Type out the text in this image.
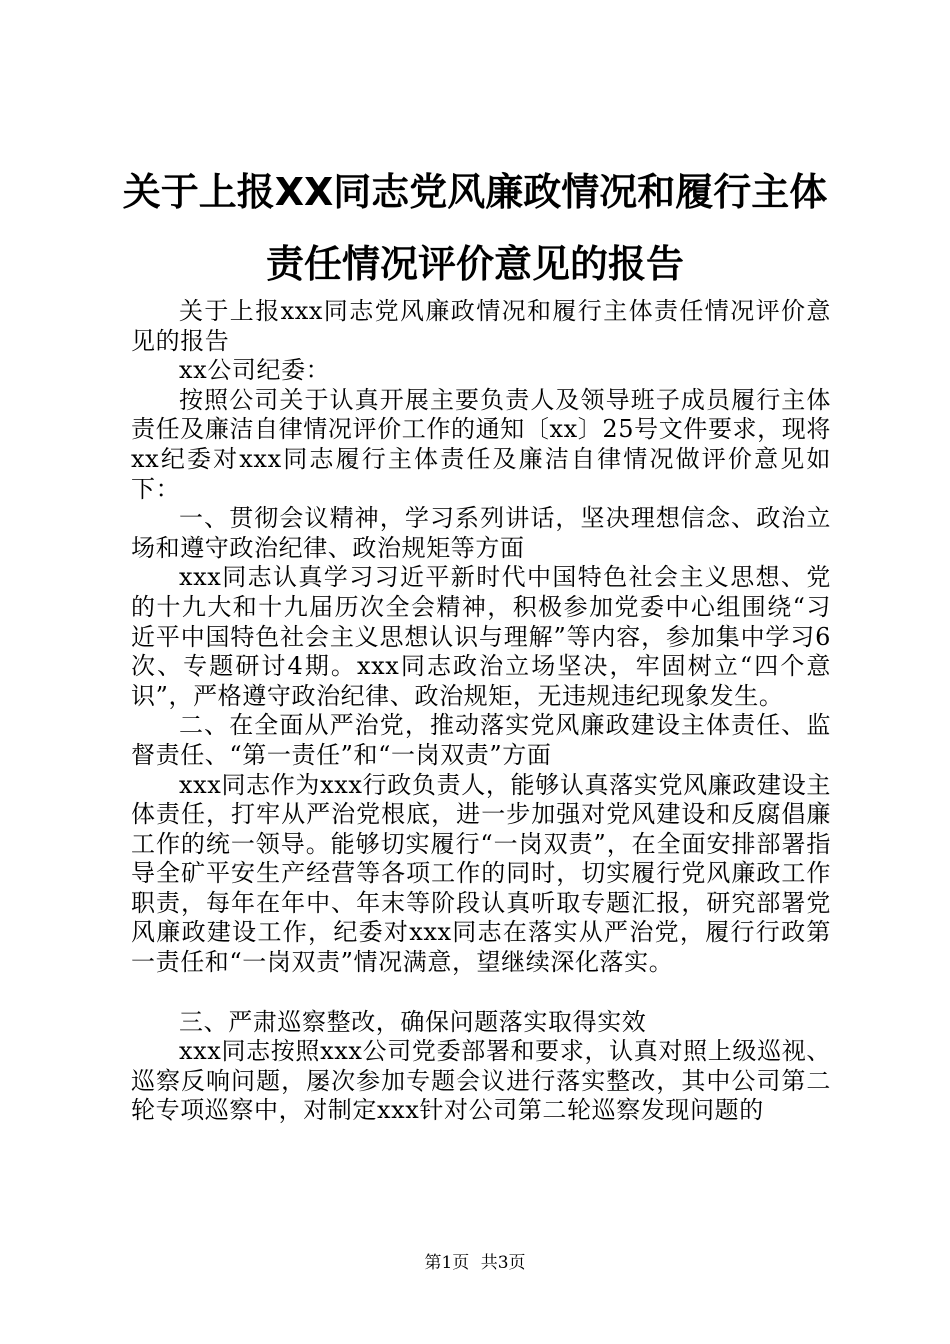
关于上报XX同志党风廉政情况和履行主体责任情况评价意见的报告

关于上报xxx同志党风廉政情况和履行主体责任情况评价意见的报告

xx公司纪委：

按照公司关于认真开展主要负责人及领导班子成员履行主体责任及廉洁自律情况评价工作的通知〔xx〕25号文件要求，现将xx纪委对xxx同志履行主体责任及廉洁自律情况做评价意见如下：

一、贯彻会议精神，学习系列讲话，坚决理想信念、政治立场和遵守政治纪律、政治规矩等方面

xxx同志认真学习习近平新时代中国特色社会主义思想、党的十九大和十九届历次全会精神，积极参加党委中心组围绕“习近平中国特色社会主义思想认识与理解”等内容，参加集中学习6次、专题研讨4期。xxx同志政治立场坚决，牢固树立“四个意识”，严格遵守政治纪律、政治规矩，无违规违纪现象发生。

二、在全面从严治党，推动落实党风廉政建设主体责任、监督责任、“第一责任”和“一岗双责”方面

xxx同志作为xxx行政负责人，能够认真落实党风廉政建设主体责任，打牢从严治党根底，进一步加强对党风建设和反腐倡廉工作的统一领导。能够切实履行“一岗双责”，在全面安排部署指导全矿平安生产经营等各项工作的同时，切实履行党风廉政工作职责，每年在年中、年末等阶段认真听取专题汇报，研究部署党风廉政建设工作，纪委对xxx同志在落实从严治党，履行行政第一责任和“一岗双责”情况满意，望继续深化落实。

三、严肃巡察整改，确保问题落实取得实效

xxx同志按照xxx公司党委部署和要求，认真对照上级巡视、巡察反响问题，屡次参加专题会议进行落实整改，其中公司第二轮专项巡察中，对制定xxx针对公司第二轮巡察发现问题的

第1页 共3页
